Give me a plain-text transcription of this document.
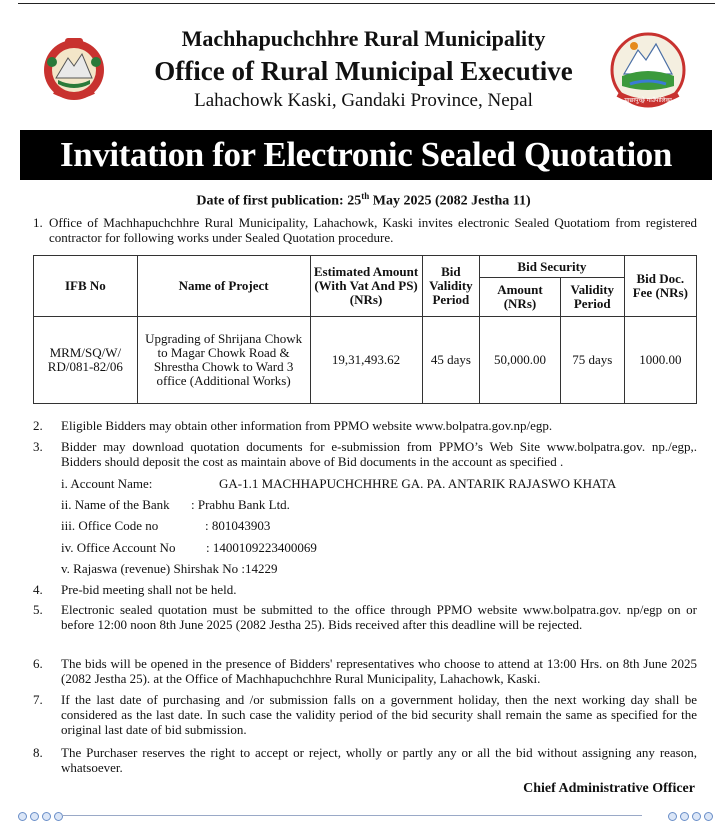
Machhapuchchhre Rural Municipality
Office of Rural Municipal Executive
Lahachowk Kaski, Gandaki Province, Nepal	माछापुच्छ्रे गाउँपालिका
Invitation for Electronic Sealed Quotation
Date of first publication: 25th May 2025 (2082 Jestha 11)
1. Office of Machhapuchchhre Rural Municipality, Lahachowk, Kaski invites electronic Sealed Quotatiom from registered contractor for following works under Sealed Quotation procedure.
IFB No	Name of Project	Estimated Amount (With Vat And PS) (NRs)	Bid Validity Period	Bid Security		Bid Doc. Fee (NRs)
				Amount (NRs)	Validity Period	
MRM/SQ/W/ RD/081-82/06	Upgrading of Shrijana Chowk to Magar Chowk Road & Shrestha Chowk to Ward 3 office (Additional Works)	19,31,493.62	45 days	50,000.00	75 days	1000.00
2. Eligible Bidders may obtain other information from PPMO website www.bolpatra.gov.np/egp.
3. Bidder may download quotation documents for e-submission from PPMO’s Web Site www.bolpatra.gov. np./egp,. Bidders should deposit the cost as maintain above of Bid documents in the account as specified .
i. Account Name:	GA-1.1 MACHHAPUCHCHHRE GA. PA. ANTARIK RAJASWO KHATA
ii. Name of the Bank : Prabhu Bank Ltd.
iii. Office Code no	: 801043903
iv. Office Account No : 1400109223400069
v. Rajaswa (revenue) Shirshak No :14229
4. Pre-bid meeting shall not be held.
5. Electronic sealed quotation must be submitted to the office through PPMO website www.bolpatra.gov. np/egp on or before 12:00 noon 8th June 2025 (2082 Jestha 25). Bids received after this deadline will be rejected.
6. The bids will be opened in the presence of Bidders' representatives who choose to attend at 13:00 Hrs. on 8th June 2025 (2082 Jestha 25). at the Office of Machhapuchchhre Rural Municipality, Lahachowk, Kaski.
7. If the last date of purchasing and /or submission falls on a government holiday, then the next working day shall be considered as the last date. In such case the validity period of the bid security shall remain the same as specified for the original last date of bid submission.
8. The Purchaser reserves the right to accept or reject, wholly or partly any or all the bid without assigning any reason, whatsoever.
Chief Administrative Officer
